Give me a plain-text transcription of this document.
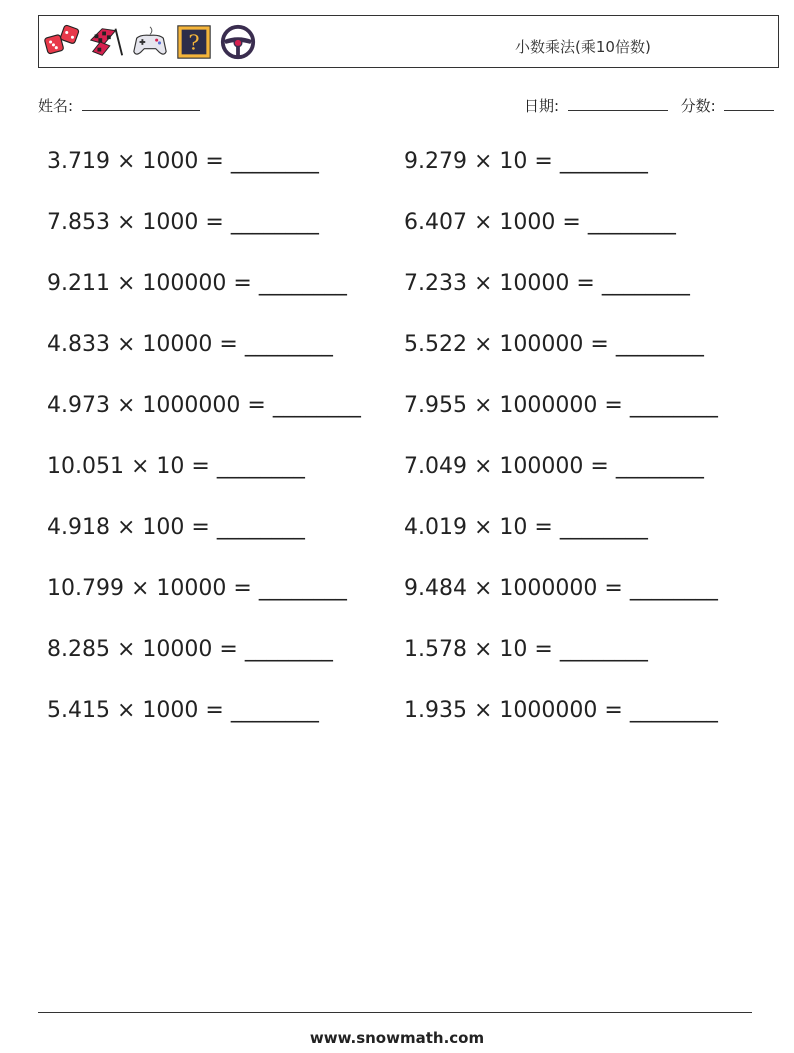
?	小数乘法(乘10倍数)
姓名:	日期:	分数:
3.719 × 1000 = ________	9.279 × 10 = ________
7.853 × 1000 = ________	6.407 × 1000 = ________
9.211 × 100000 = ________	7.233 × 10000 = ________
4.833 × 10000 = ________	5.522 × 100000 = ________
4.973 × 1000000 = ________ 7.955 × 1000000 = ________
10.051 × 10 = ________	7.049 × 100000 = ________
4.918 × 100 = ________	4.019 × 10 = ________
10.799 × 10000 = ________	9.484 × 1000000 = ________
8.285 × 10000 = ________	1.578 × 10 = ________
5.415 × 1000 = ________	1.935 × 1000000 = ________
www.snowmath.com
